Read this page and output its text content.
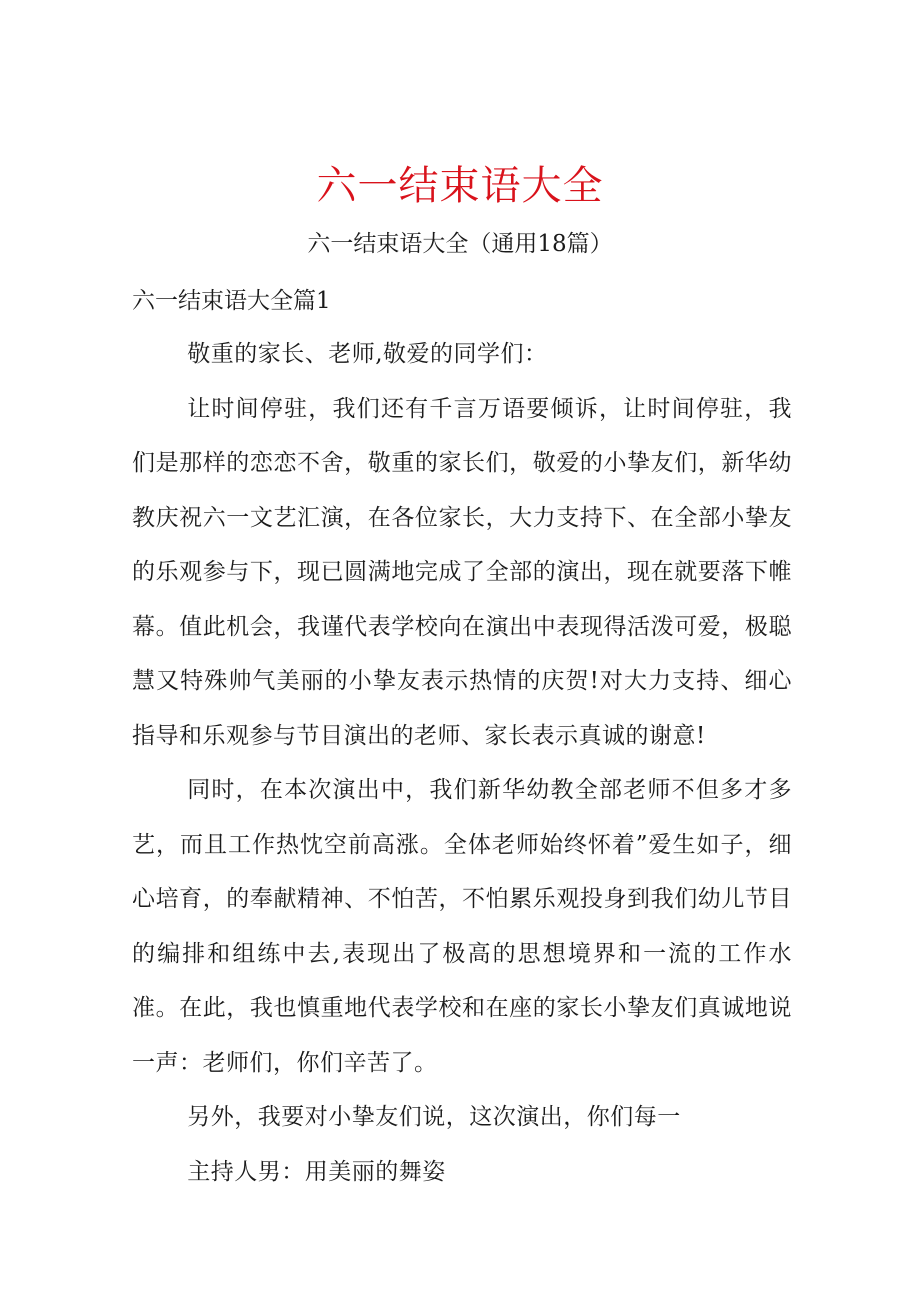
六一结束语大全
六一结束语大全（通用18篇）
六一结束语大全篇1

敬重的家长、老师,敬爱的同学们：

让时间停驻，我们还有千言万语要倾诉，让时间停驻，我们是那样的恋恋不舍，敬重的家长们，敬爱的小挚友们，新华幼教庆祝六一文艺汇演，在各位家长，大力支持下、在全部小挚友的乐观参与下，现已圆满地完成了全部的演出，现在就要落下帷幕。值此机会，我谨代表学校向在演出中表现得活泼可爱，极聪慧又特殊帅气美丽的小挚友表示热情的庆贺!对大力支持、细心指导和乐观参与节目演出的老师、家长表示真诚的谢意!

同时，在本次演出中，我们新华幼教全部老师不但多才多艺，而且工作热忱空前高涨。全体老师始终怀着”爱生如子，细心培育，的奉献精神、不怕苦，不怕累乐观投身到我们幼儿节目的编排和组练中去,表现出了极高的思想境界和一流的工作水准。在此，我也慎重地代表学校和在座的家长小挚友们真诚地说一声：老师们，你们辛苦了。

另外，我要对小挚友们说，这次演出，你们每一

主持人男：用美丽的舞姿
